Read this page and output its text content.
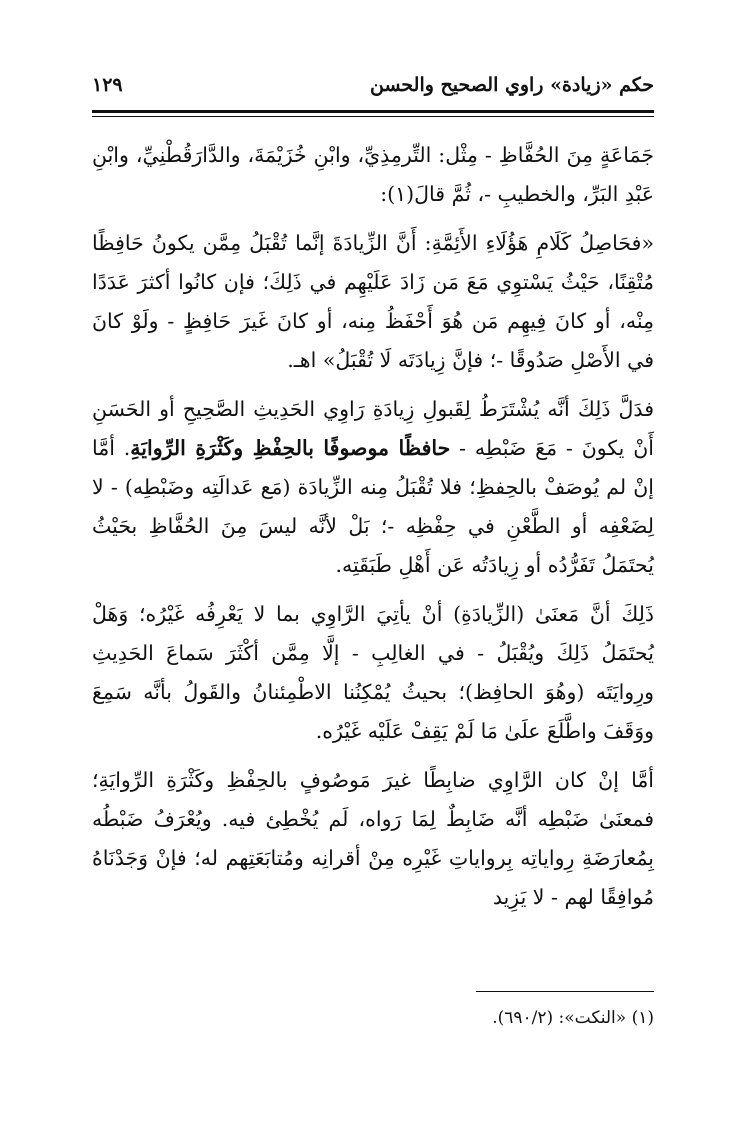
حكم «زيادة» راوي الصحيح والحسن
١٢٩

جَمَاعَةٍ مِنَ الحُفَّاظِ - مِثْل: التِّرمِذِيِّ، وابْنِ خُزَيْمَةَ، والدَّارَقُطْنِيِّ، وابْنِ عَبْدِ البَرِّ، والخطيبِ -، ثُمَّ قالَ(١):

«فحَاصِلُ كَلَامِ هَؤُلَاءِ الأَئِمَّةِ: أَنَّ الزِّيادَةَ إنَّما تُقْبَلُ مِمَّن يكونُ حَافِظًا مُتْقِنًا، حَيْثُ يَسْتوِي مَعَ مَن زَادَ عَلَيْهِم في ذَلِكَ؛ فإن كانُوا أكثرَ عَدَدًا مِنْه، أو كانَ فِيهِم مَن هُوَ أَحْفَظُ مِنه، أو كانَ غَيرَ حَافِظٍ - ولَوْ كانَ في الأَصْلِ صَدُوقًا -؛ فإنَّ زِيادَتَه لَا تُقْبَلُ» اهـ.

فدَلَّ ذَلِكَ أنَّه يُشْتَرَطُ لِقَبولِ زِيادَةِ رَاوِي الحَدِيثِ الصَّحِيحِ أو الحَسَنِ أَنْ يكونَ - مَعَ ضَبْطِه - حافظًا موصوفًا بالحِفْظِ وكَثْرَةِ الرِّوايَةِ. أمَّا إنْ لم يُوصَفْ بالحِفظِ؛ فلا تُقْبَلُ مِنه الزِّيادَة (مَع عَدالَتِه وضَبْطِه) - لا لِضَعْفِه أو الطَّعْنِ في حِفْظِه -؛ بَلْ لأنَّه ليسَ مِنَ الحُفَّاظِ بحَيْثُ يُحتَمَلُ تَفَرُّدُه أو زِيادَتُه عَن أَهْلِ طَبَقَتِه.

ذَلِكَ أنَّ مَعنَىٰ (الزِّيادَةِ) أنْ يأتِيَ الرَّاوِي بما لا يَعْرِفُه غَيْرُه؛ وَهَلْ يُحتَمَلُ ذَلِكَ ويُقْبَلُ - في الغالِبِ - إلَّا مِمَّن أكْثَرَ سَماعَ الحَدِيثِ ورِوايَتَه (وهُوَ الحافِظ)؛ بحيثُ يُمْكِنُنا الاطْمِئنانُ والقَولُ بأنَّه سَمِعَ ووَقَفَ واطَّلَعَ علَىٰ مَا لَمْ يَقِفْ عَلَيْه غَيْرُه.

أمَّا إنْ كان الرَّاوِي ضابِطًا غيرَ مَوصُوفٍ بالحِفْظِ وكَثْرَةِ الرِّوايَةِ؛ فمعنَىٰ ضَبْطِه أنَّه ضَابِطٌ لِمَا رَواه، لَم يُخْطِئ فيه. ويُعْرَفُ ضَبْطُه بِمُعارَضَةِ رِواياتِه بِرواياتِ غَيْرِه مِنْ أقرانِه ومُتابَعَتِهم له؛ فإنْ وَجَدْنَاهُ مُوافِقًا لهم - لا يَزِيد

(١) «النكت»: (٦٩٠/٢).
